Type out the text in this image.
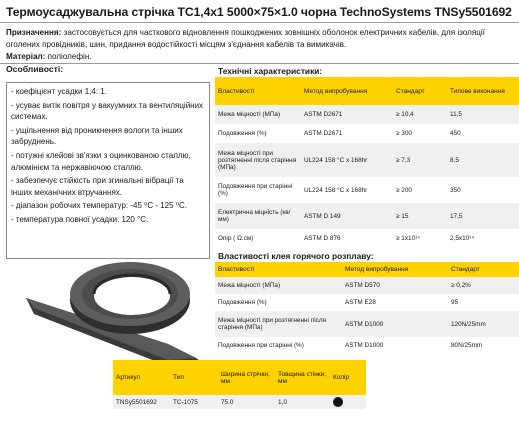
Термоусаджувальна стрічка ТС1,4х1 5000×75×1.0 чорна TechnoSystems TNSy5501692
Призначення: застосовується для часткового відновлення пошкоджених зовнішніх оболонок електричних кабелів, для ізоляції оголених провідників, шин, придання водостійкості місцям з'єднання кабелів та вимикачів.
Матеріал: поліолефін.
Особливості:
- коефіцієнт усадки 1,4: 1.
- усуває витік повітря у вакуумних та вентиляційних системах.
- ущільнення від проникнення вологи та інших забруднень.
- потужні клейові зв'язки з оцинкованою сталлю, алюмінієм та нержавіючою сталлю.
- забезпечує стійкість при згинальні вібрації та інших механічних втручаннях.
- діапазон робочих температур: -45 ⁰С - 125 ⁰С.
- температура повної усадки: 120 °С.
Технічні характеристики:
Властивості	Метод випробування	Стандарт	Типове виконання
Межа міцності (МПа)	ASTM D2671	≥ 10,4	11,5
Подовження (%)	ASTM D2671	≥ 300	450
Межа міцності при розтягненні після старіння (МПа)	UL224 158 °С х 168hr	≥ 7,3	8,5
Подовження при старінні (%)	UL224 158 °С х 168hr	≥ 200	350
Електрична міцність (кв/мм)	ASTM D 149	≥ 15	17,5
Опір ( Ω.см)	ASTM D 876	≥ 1х10¹⁴	2,5х10¹⁴
Властивості клея горячого розплаву:
Властивості	Метод випробування	Стандарт
Межа міцності (МПа)	ASTM D570	≥ 0,2%
Подовження (%)	ASTM E28	95
Межа міцності при розтягненні після старіння (МПа)	ASTM D1000	120N/25mm
Подовження при старінні (%)	ASTM D1000	80N/25mm
Артикул	Тип	Ширина стрічки, мм	Товщина стінки, мм	Колір
TNSy5501692	ТС-1075	75,0	1,0	
